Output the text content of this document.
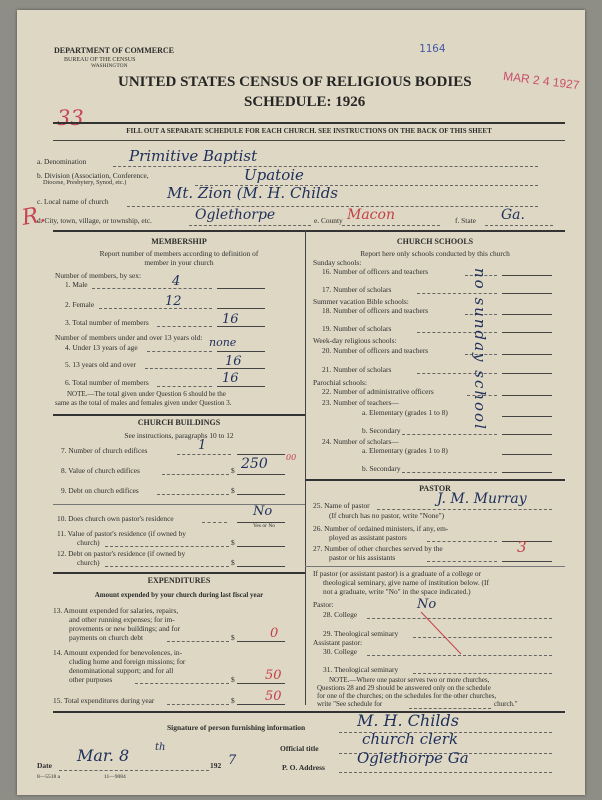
DEPARTMENT OF COMMERCE
BUREAU OF THE CENSUS
WASHINGTON
1164
MAR 2 4 1927
UNITED STATES CENSUS OF RELIGIOUS BODIES
SCHEDULE: 1926
33
R.
FILL OUT A SEPARATE SCHEDULE FOR EACH CHURCH. SEE INSTRUCTIONS ON THE BACK OF THIS SHEET
a. Denomination	Primitive Baptist
b. Division (Association, Conference,
Diocese, Presbytery, Synod, etc.)	Upatoie
c. Local name of church	Mt. Zion (M. H. Childs
d. City, town, village, or township, etc.	Oglethorpe	e. County Macon	f. State Ga.
MEMBERSHIP
Report number of members according to definition of
member in your church
Number of members, by sex:
1. Male	4
2. Female	12
3. Total number of members	16
Number of members under and over 13 years old:
4. Under 13 years of age	none
5. 13 years old and over	16
6. Total number of members	16
NOTE.—The total given under Question 6 should be the
same as the total of males and females given under Question 3.
CHURCH BUILDINGS
See instructions, paragraphs 10 to 12
7. Number of church edifices	1
8. Value of church edifices	$ 250 00
9. Debt on church edifices	$
10. Does church own pastor's residence	No
Yes or No
11. Value of pastor's residence (if owned by
church)	$
12. Debt on pastor's residence (if owned by
church)	$
EXPENDITURES
Amount expended by your church during last fiscal year
13. Amount expended for salaries, repairs,
and other running expenses; for im-
provements or new buildings; and for
payments on church debt	$	0
14. Amount expended for benevolences, in-
cluding home and foreign missions; for
denominational support; and for all
other purposes	$ 50
15. Total expenditures during year	$ 50
CHURCH SCHOOLS
Report here only schools conducted by this church
Sunday schools:
16. Number of officers and teachers
17. Number of scholars
Summer vacation Bible schools:
18. Number of officers and teachers
19. Number of scholars
Week-day religious schools:
20. Number of officers and teachers
21. Number of scholars
Parochial schools:
22. Number of administrative officers
23. Number of teachers—
a. Elementary (grades 1 to 8)
b. Secondary
24. Number of scholars—
a. Elementary (grades 1 to 8)
b. Secondary
no sunday school
PASTOR
25. Name of pastor	J. M. Murray
(If church has no pastor, write "None")
26. Number of ordained ministers, if any, em-
ployed as assistant pastors
27. Number of other churches served by the
pastor or his assistants
3
If pastor (or assistant pastor) is a graduate of a college or
theological seminary, give name of institution below. (If
not a graduate, write "No" in the space indicated.)
Pastor:
28. College
No
29. Theological seminary
Assistant pastor:
30. College
31. Theological seminary
NOTE.—Where one pastor serves two or more churches,
Questions 28 and 29 should be answered only on the schedule
for one of the churches; on the schedules for the other churches,
write "See schedule for	church."
Signature of person furnishing information	M. H. Childs
Official title
church clerk
Date
Mar. 8	th
192 7	P. O. Address
Oglethorpe Ga
8—5518 a	11—9084
